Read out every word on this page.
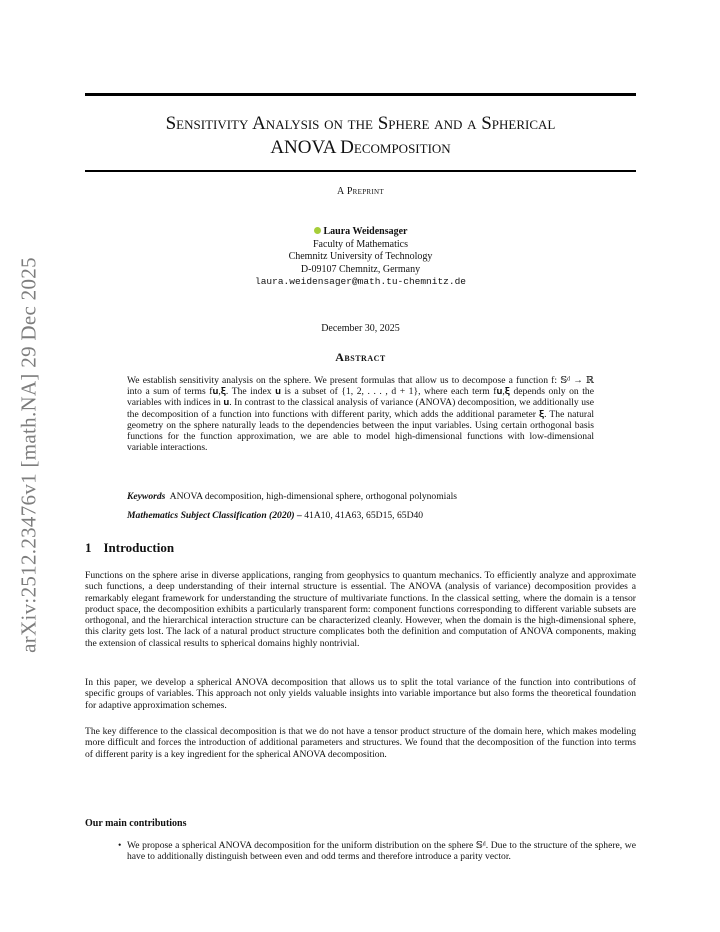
arXiv:2512.23476v1 [math.NA] 29 Dec 2025
Sensitivity Analysis on the Sphere and a Spherical
ANOVA Decomposition
A Preprint
Laura Weidensager
Faculty of Mathematics
Chemnitz University of Technology
D-09107 Chemnitz, Germany
laura.weidensager@math.tu-chemnitz.de
December 30, 2025
Abstract
We establish sensitivity analysis on the sphere. We present formulas that allow us to decompose a function f: 𝕊ᵈ → ℝ into a sum of terms f𝐮,𝛏. The index 𝐮 is a subset of {1, 2, . . . , d + 1}, where each term f𝐮,𝛏 depends only on the variables with indices in 𝐮. In contrast to the classical analysis of variance (ANOVA) decomposition, we additionally use the decomposition of a function into functions with different parity, which adds the additional parameter 𝛏. The natural geometry on the sphere naturally leads to the dependencies between the input variables. Using certain orthogonal basis functions for the function approximation, we are able to model high-dimensional functions with low-dimensional variable interactions.
Keywords ANOVA decomposition, high-dimensional sphere, orthogonal polynomials
Mathematics Subject Classification (2020) – 41A10, 41A63, 65D15, 65D40
1 Introduction
Functions on the sphere arise in diverse applications, ranging from geophysics to quantum mechanics. To efficiently analyze and approximate such functions, a deep understanding of their internal structure is essential. The ANOVA (analysis of variance) decomposition provides a remarkably elegant framework for understanding the structure of multivariate functions. In the classical setting, where the domain is a tensor product space, the decomposition exhibits a particularly transparent form: component functions corresponding to different variable subsets are orthogonal, and the hierarchical interaction structure can be characterized cleanly. However, when the domain is the high-dimensional sphere, this clarity gets lost. The lack of a natural product structure complicates both the definition and computation of ANOVA components, making the extension of classical results to spherical domains highly nontrivial.
In this paper, we develop a spherical ANOVA decomposition that allows us to split the total variance of the function into contributions of specific groups of variables. This approach not only yields valuable insights into variable importance but also forms the theoretical foundation for adaptive approximation schemes.
The key difference to the classical decomposition is that we do not have a tensor product structure of the domain here, which makes modeling more difficult and forces the introduction of additional parameters and structures. We found that the decomposition of the function into terms of different parity is a key ingredient for the spherical ANOVA decomposition.
Our main contributions
• We propose a spherical ANOVA decomposition for the uniform distribution on the sphere 𝕊ᵈ. Due to the structure of the sphere, we have to additionally distinguish between even and odd terms and therefore introduce a parity vector.
